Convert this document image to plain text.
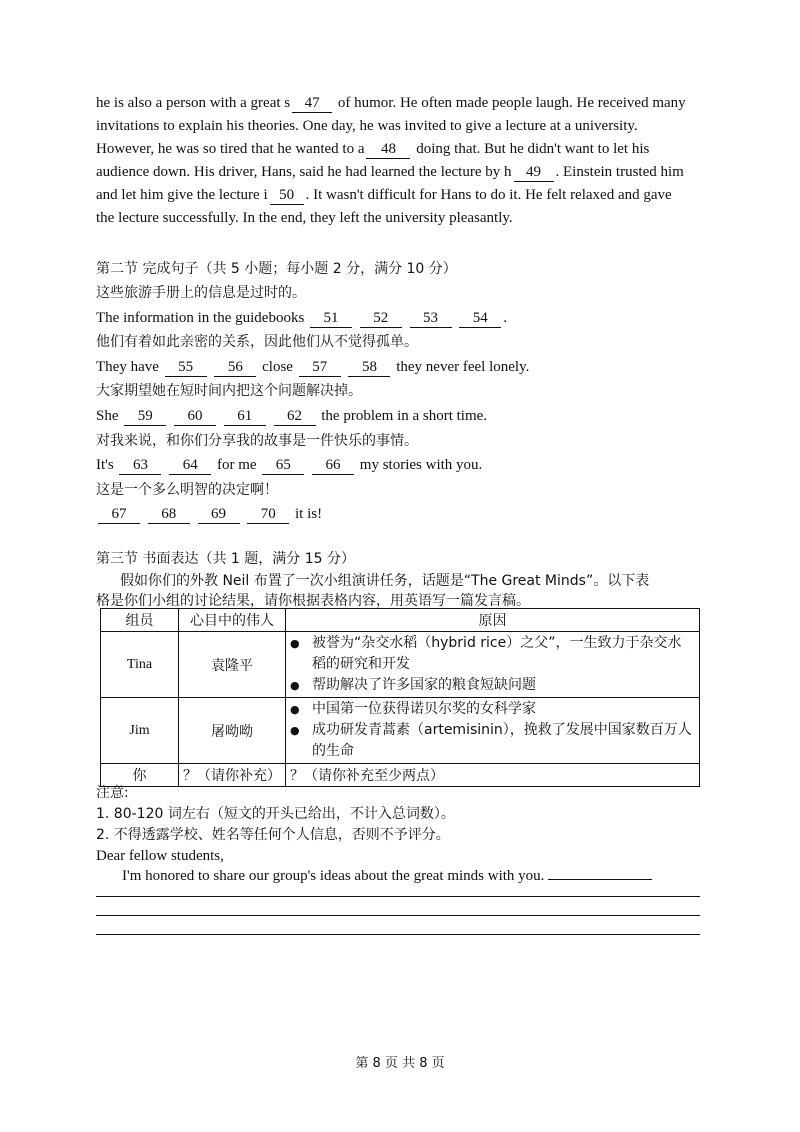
he is also a person with a great s 47 of humor. He often made people laugh. He received many
invitations to explain his theories. One day, he was invited to give a lecture at a university.
However, he was so tired that he wanted to a 48 doing that. But he didn't want to let his
audience down. His driver, Hans, said he had learned the lecture by h 49 . Einstein trusted him
and let him give the lecture i 50 . It wasn't difficult for Hans to do it. He felt relaxed and gave
the lecture successfully. In the end, they left the university pleasantly.
第二节 完成句子（共 5 小题；每小题 2 分，满分 10 分）
这些旅游手册上的信息是过时的。
The information in the guidebooks 51 52 53 54 .
他们有着如此亲密的关系，因此他们从不觉得孤单。
They have 55 56 close 57 58 they never feel lonely.
大家期望她在短时间内把这个问题解决掉。
She 59 60 61 62 the problem in a short time.
对我来说，和你们分享我的故事是一件快乐的事情。
It's 63 64 for me 65 66 my stories with you.
这是一个多么明智的决定啊！
67 68 69 70 it is!
第三节 书面表达（共 1 题，满分 15 分）
假如你们的外教 Neil 布置了一次小组演讲任务，话题是“The Great Minds”。以下表
格是你们小组的讨论结果，请你根据表格内容，用英语写一篇发言稿。
组员	心目中的伟人	原因
Tina	袁隆平	● 被誉为“杂交水稻（hybrid rice）之父”，一生致力于杂交水稻的研究和开发
● 帮助解决了许多国家的粮食短缺问题

Jim	屠呦呦	● 中国第一位获得诺贝尔奖的女科学家
● 成功研发青蒿素（artemisinin），挽救了发展中国家数百万人的生命

你	？（请你补充）	？（请你补充至少两点）
注意:
1. 80-120 词左右（短文的开头已给出，不计入总词数）。
2. 不得透露学校、姓名等任何个人信息，否则不予评分。
Dear fellow students,
I'm honored to share our group's ideas about the great minds with you.
第 8 页 共 8 页
